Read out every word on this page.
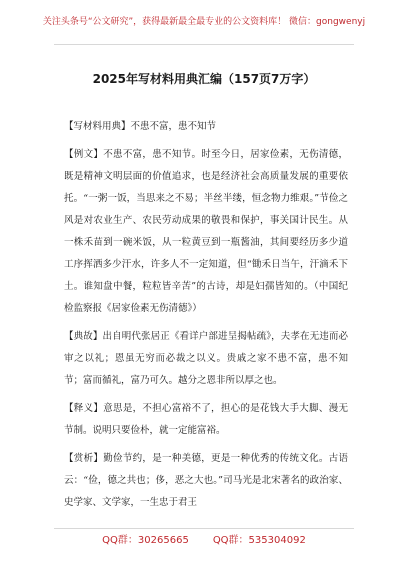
关注头条号“公文研究”，获得最新最全最专业的公文资料库！ 微信：gongwenyj
2025年写材料用典汇编（157页7万字）

【写材料用典】不患不富，患不知节

【例文】不患不富，患不知节。时至今日，居家俭素，无伤清德，既是精神文明层面的价值追求，也是经济社会高质量发展的重要依托。“一粥一饭，当思来之不易；半丝半缕，恒念物力维艰。”节俭之风是对农业生产、农民劳动成果的敬畏和保护，事关国计民生。从一株禾苗到一碗米饭，从一粒黄豆到一瓶酱油，其间要经历多少道工序挥洒多少汗水，许多人不一定知道，但“锄禾日当午，汗滴禾下土。谁知盘中餐，粒粒皆辛苦”的古诗，却是妇孺皆知的。（中国纪检监察报《居家俭素无伤清德》）

【典故】出自明代张居正《看详户部进呈揭帖疏》，夫孝在无违而必审之以礼；恩虽无穷而必裁之以义。贵戚之家不患不富，患不知节；富而循礼，富乃可久。越分之恩非所以厚之也。

【释义】意思是，不担心富裕不了，担心的是花钱大手大脚、漫无节制。说明只要俭朴，就一定能富裕。

【赏析】勤俭节约，是一种美德，更是一种优秀的传统文化。古语云：“俭，德之共也；侈，恶之大也。”司马光是北宋著名的政治家、史学家、文学家，一生忠于君王

QQ群：30265665 QQ群：535304092
